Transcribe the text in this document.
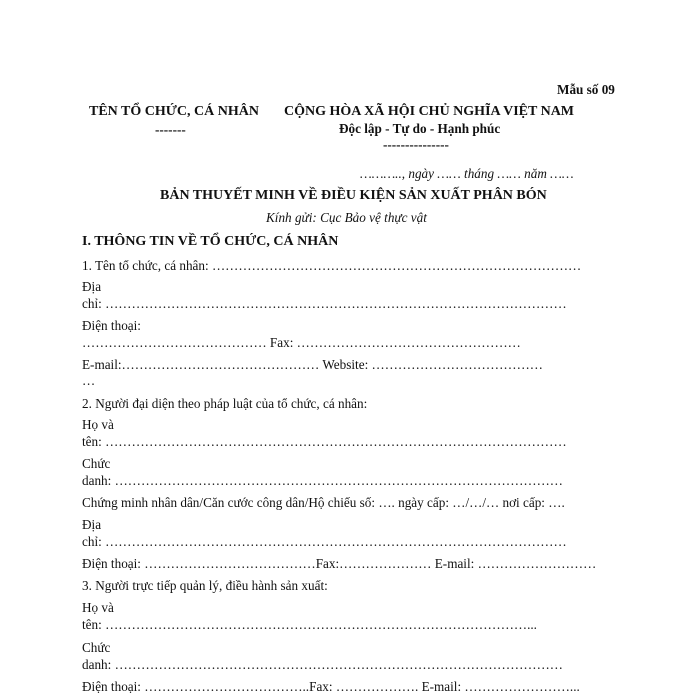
Mẫu số 09
TÊN TỔ CHỨC, CÁ NHÂN
-------
CỘNG HÒA XÃ HỘI CHỦ NGHĨA VIỆT NAM
Độc lập - Tự do - Hạnh phúc
---------------
……….., ngày …… tháng …… năm ……
BẢN THUYẾT MINH VỀ ĐIỀU KIỆN SẢN XUẤT PHÂN BÓN
Kính gửi: Cục Bảo vệ thực vật
I. THÔNG TIN VỀ TỔ CHỨC, CÁ NHÂN
1. Tên tổ chức, cá nhân: …………………………………………………………………………
Địa
chỉ: ……………………………………………………………………………………………
Điện thoại:
…………………………………… Fax: ……………………………………………
E-mail:……………………………………… Website: …………………………………
…
2. Người đại diện theo pháp luật của tổ chức, cá nhân:
Họ và
tên: ……………………………………………………………………………………………
Chức
danh: …………………………………………………………………………………………
Chứng minh nhân dân/Căn cước công dân/Hộ chiếu số: …. ngày cấp: …/…/… nơi cấp: ….
Địa
chỉ: ……………………………………………………………………………………………
Điện thoại: …………………………………Fax:………………… E-mail: ………………………
3. Người trực tiếp quản lý, điều hành sản xuất:
Họ và
tên: ……………………………………………………………………………………...
Chức
danh: …………………………………………………………………………………………
Điện thoại: ………………………………..Fax: ………………. E-mail: ……………………...
